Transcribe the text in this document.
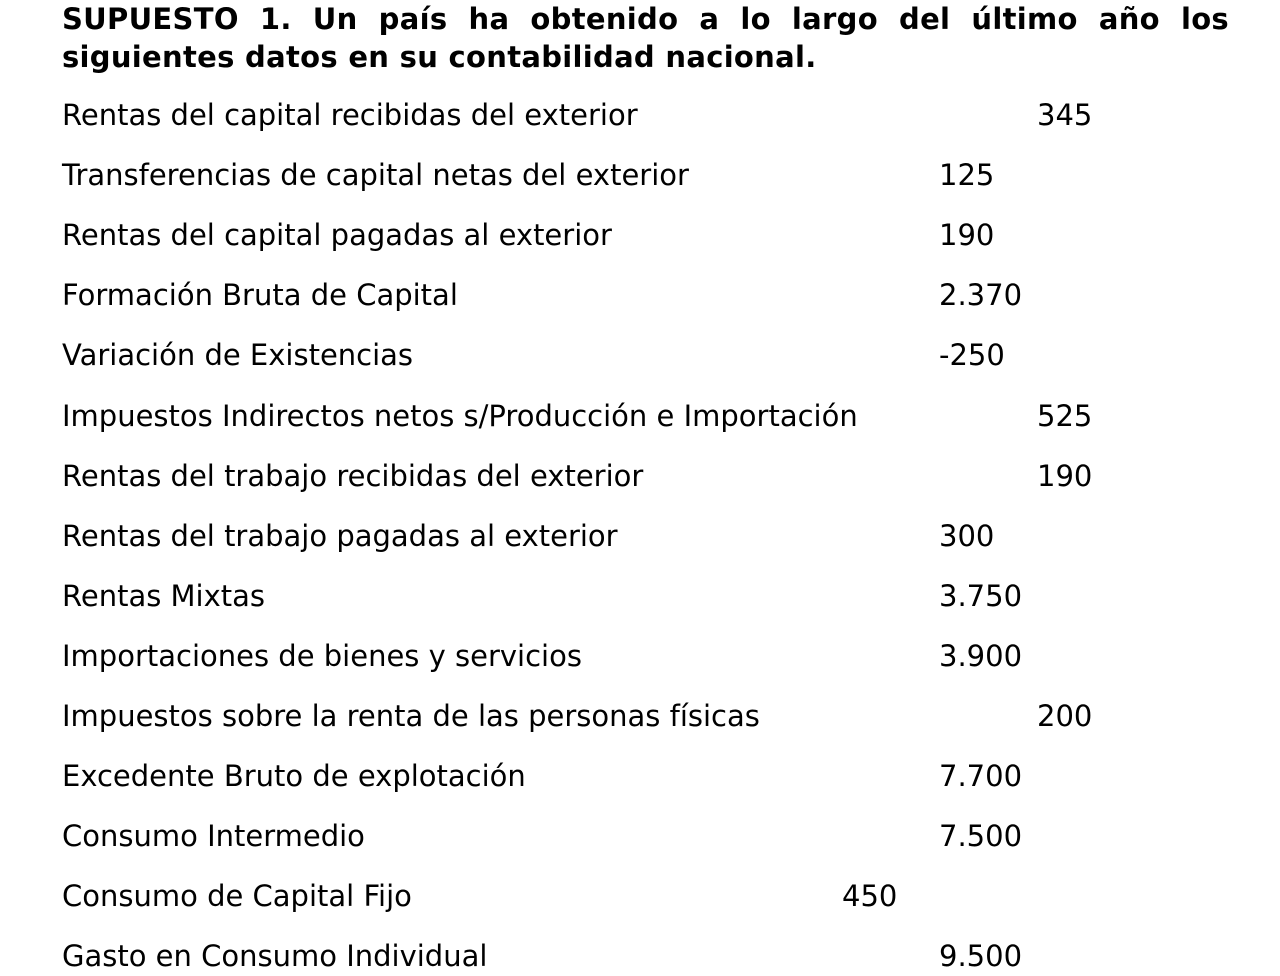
SUPUESTO 1. Un país ha obtenido a lo largo del último año los siguientes datos en su contabilidad nacional.
Rentas del capital recibidas del exterior	345
Transferencias de capital netas del exterior	125
Rentas del capital pagadas al exterior	190
Formación Bruta de Capital	2.370
Variación de Existencias	-250
Impuestos Indirectos netos s/Producción e Importación	525
Rentas del trabajo recibidas del exterior	190
Rentas del trabajo pagadas al exterior	300
Rentas Mixtas	3.750
Importaciones de bienes y servicios	3.900
Impuestos sobre la renta de las personas físicas	200
Excedente Bruto de explotación	7.700
Consumo Intermedio	7.500
Consumo de Capital Fijo	450
Gasto en Consumo Individual	9.500
